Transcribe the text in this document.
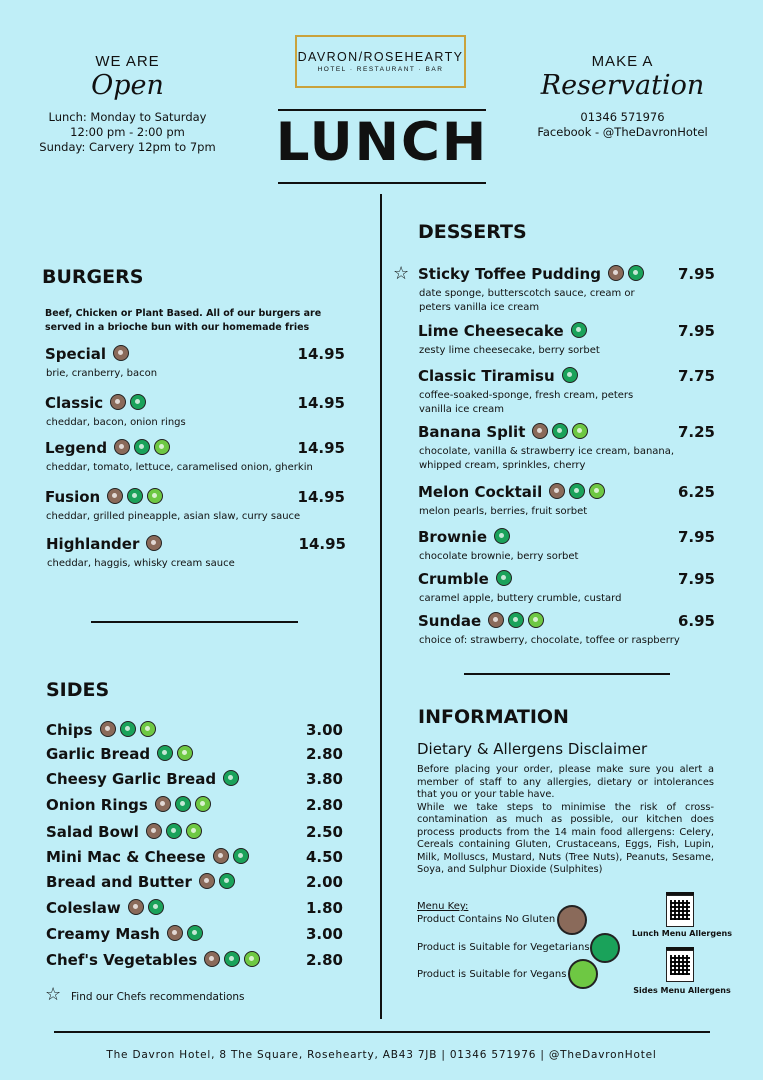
WE ARE
Open
Lunch: Monday to Saturday
12:00 pm - 2:00 pm
Sunday: Carvery 12pm to 7pm
DAVRON/ROSEHEARTY
HOTEL · RESTAURANT · BAR
LUNCH
MAKE A
Reservation
01346 571976
Facebook - @TheDavronHotel
BURGERS
Beef, Chicken or Plant Based. All of our burgers are served in a brioche bun with our homemade fries
Special	14.95
brie, cranberry, bacon
Classic	14.95
cheddar, bacon, onion rings
Legend	14.95
cheddar, tomato, lettuce, caramelised onion, gherkin
Fusion	14.95
cheddar, grilled pineapple, asian slaw, curry sauce
Highlander	14.95
cheddar, haggis, whisky cream sauce
SIDES
Chips	3.00
Garlic Bread	2.80
Cheesy Garlic Bread	3.80
Onion Rings	2.80
Salad Bowl	2.50
Mini Mac & Cheese	4.50
Bread and Butter	2.00
Coleslaw	1.80
Creamy Mash	3.00
Chef's Vegetables	2.80
☆ Find our Chefs recommendations
DESSERTS
Sticky Toffee Pudding	7.95
date sponge, butterscotch sauce, cream or peters vanilla ice cream
☆
Lime Cheesecake	7.95
zesty lime cheesecake, berry sorbet
Classic Tiramisu	7.75
coffee-soaked-sponge, fresh cream, peters vanilla ice cream
Banana Split	7.25
chocolate, vanilla & strawberry ice cream, banana, whipped cream, sprinkles, cherry
Melon Cocktail	6.25
melon pearls, berries, fruit sorbet
Brownie	7.95
chocolate brownie, berry sorbet
Crumble	7.95
caramel apple, buttery crumble, custard
Sundae	6.95
choice of: strawberry, chocolate, toffee or raspberry
INFORMATION
Dietary & Allergens Disclaimer
Before placing your order, please make sure you alert a member of staff to any allergies, dietary or intolerances that you or your table have.
While we take steps to minimise the risk of cross-contamination as much as possible, our kitchen does process products from the 14 main food allergens: Celery, Cereals containing Gluten, Crustaceans, Eggs, Fish, Lupin, Milk, Molluscs, Mustard, Nuts (Tree Nuts), Peanuts, Sesame, Soya, and Sulphur Dioxide (Sulphites)
Menu Key:
Product Contains No Gluten
Product is Suitable for Vegetarians
Product is Suitable for Vegans
Lunch Menu Allergens
Sides Menu Allergens
The Davron Hotel, 8 The Square, Rosehearty, AB43 7JB | 01346 571976 | @TheDavronHotel
